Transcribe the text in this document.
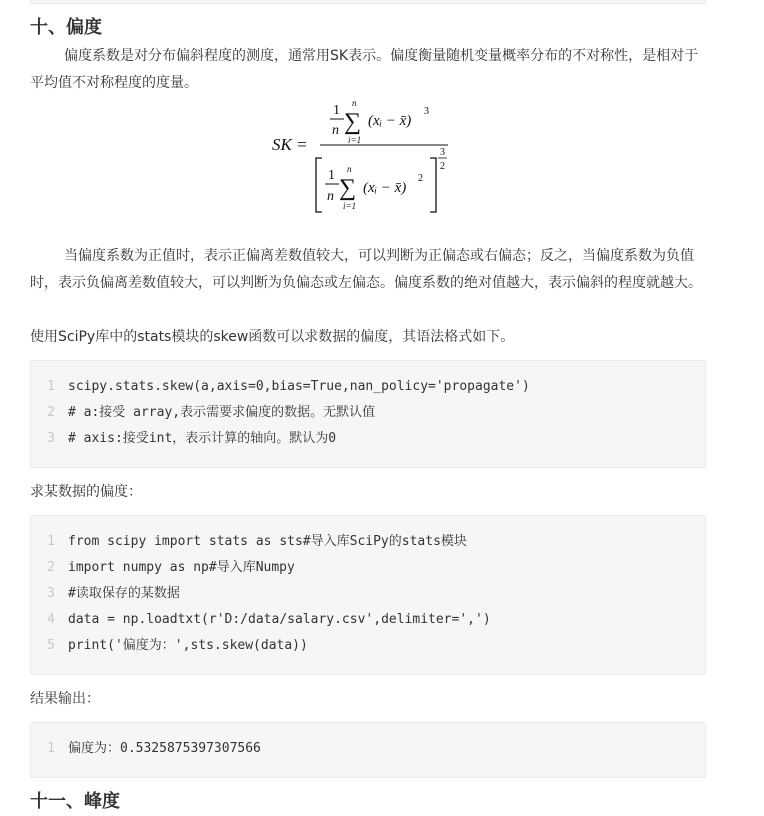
十、偏度

偏度系数是对分布偏斜程度的测度，通常用SK表示。偏度衡量随机变量概率分布的不对称性，是相对于平均值不对称程度的度量。

SK =
1
n
n
∑
i=1
(xᵢ − x̄)
3
1
n
n
∑
i=1
(xᵢ − x̄)
2
3
2

当偏度系数为正值时，表示正偏离差数值较大，可以判断为正偏态或右偏态；反之，当偏度系数为负值时，表示负偏离差数值较大，可以判断为负偏态或左偏态。偏度系数的绝对值越大，表示偏斜的程度就越大。

使用SciPy库中的stats模块的skew函数可以求数据的偏度，其语法格式如下。

1 scipy.stats.skew(a,axis=0,bias=True,nan_policy='propagate')
2 # a:接受 array,表示需要求偏度的数据。无默认值
3 # axis:接受int，表示计算的轴向。默认为0

求某数据的偏度：

1 from scipy import stats as sts#导入库SciPy的stats模块
2 import numpy as np#导入库Numpy
3 #读取保存的某数据
4 data = np.loadtxt(r'D:/data/salary.csv',delimiter=',')
5 print('偏度为：',sts.skew(data))

结果输出：

1 偏度为：0.5325875397307566
十一、峰度
